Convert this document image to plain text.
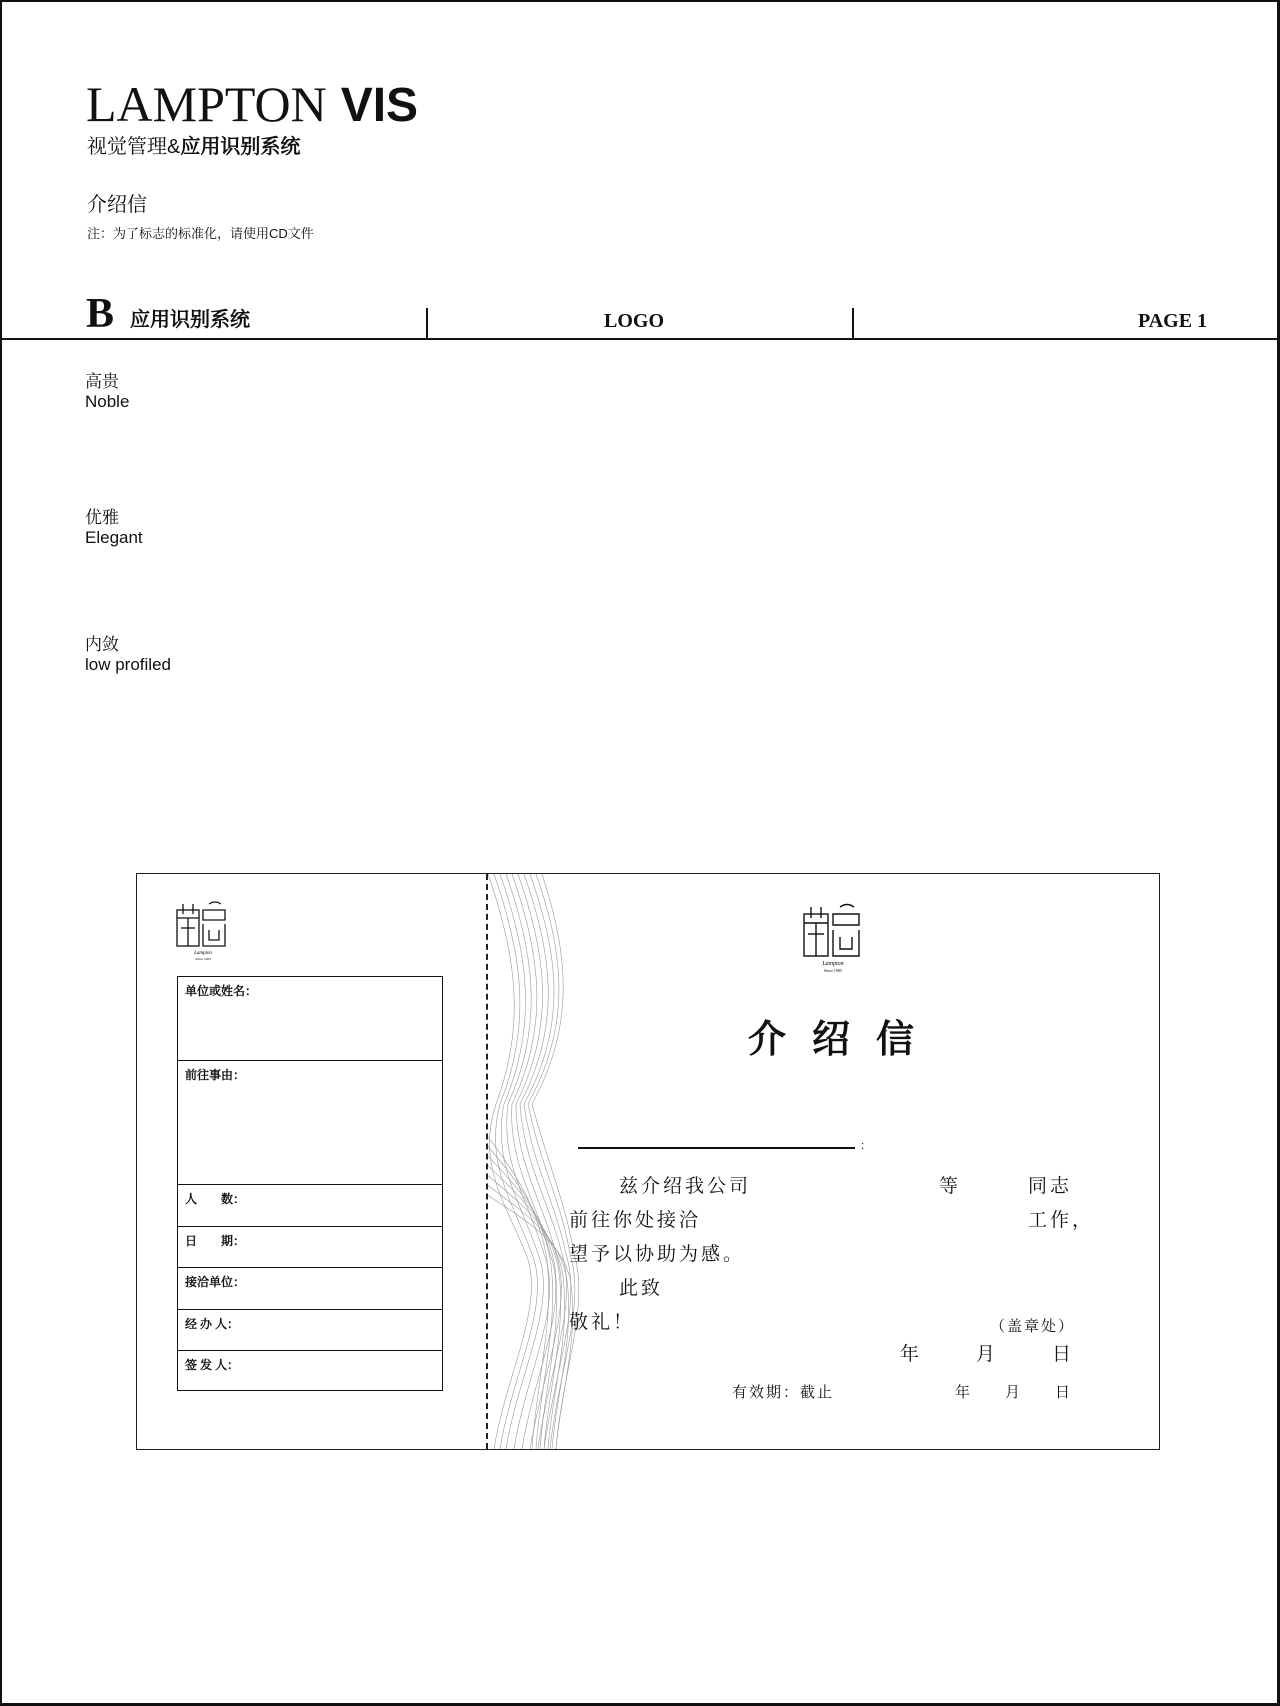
LAMPTON VIS
视觉管理&应用识别系统
介绍信
注：为了标志的标准化，请使用CD文件
B 应用识别系统	LOGO	PAGE 1
高贵
Noble
优雅
Elegant
内敛
low profiled
Lampton
Since 1985
单位或姓名：
前往事由：
人　　数：
日　　期：
接洽单位：
经 办 人：
签 发 人：
Lampton
Since 1985
介绍信
：
兹介绍我公司	等	同志
前往你处接洽	工作，
望予以协助为感。
此致
敬礼！	（盖章处）
年	月	日
有效期：截止	年 月 日
